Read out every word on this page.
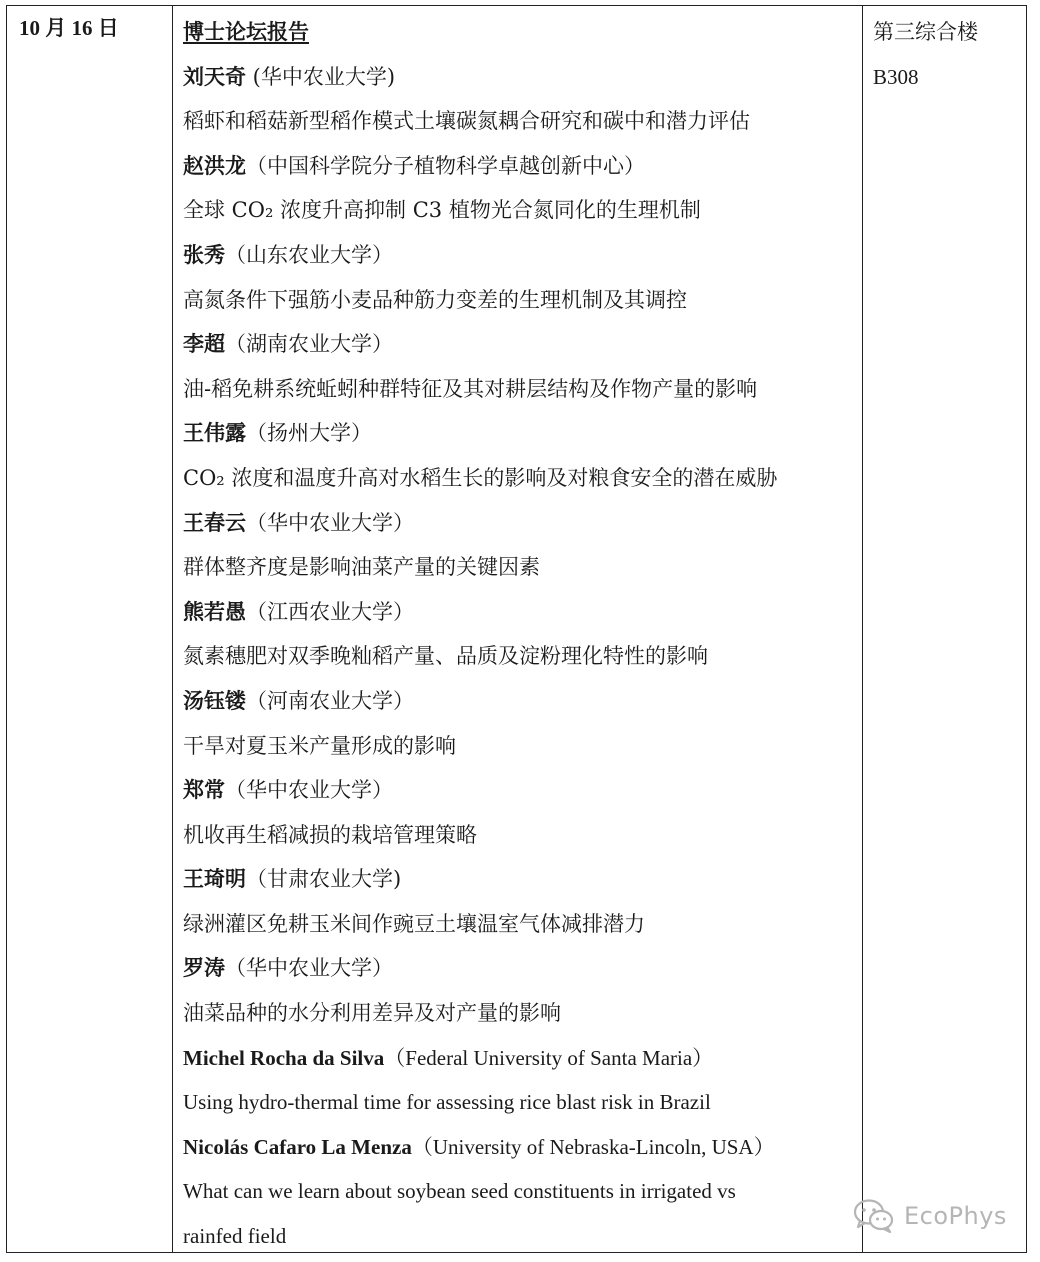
10 月 16 日	博士论坛报告
刘天奇 (华中农业大学)
稻虾和稻菇新型稻作模式土壤碳氮耦合研究和碳中和潜力评估
赵洪龙（中国科学院分子植物科学卓越创新中心）
全球 CO₂ 浓度升高抑制 C3 植物光合氮同化的生理机制
张秀（山东农业大学）
高氮条件下强筋小麦品种筋力变差的生理机制及其调控
李超（湖南农业大学）
油-稻免耕系统蚯蚓种群特征及其对耕层结构及作物产量的影响
王伟露（扬州大学）
CO₂ 浓度和温度升高对水稻生长的影响及对粮食安全的潜在威胁
王春云（华中农业大学）
群体整齐度是影响油菜产量的关键因素
熊若愚（江西农业大学）
氮素穗肥对双季晚籼稻产量、品质及淀粉理化特性的影响
汤钰镂（河南农业大学）
干旱对夏玉米产量形成的影响
郑常（华中农业大学）
机收再生稻减损的栽培管理策略
王琦明（甘肃农业大学)
绿洲灌区免耕玉米间作豌豆土壤温室气体减排潜力
罗涛（华中农业大学）
油菜品种的水分利用差异及对产量的影响
Michel Rocha da Silva（Federal University of Santa Maria）
Using hydro-thermal time for assessing rice blast risk in Brazil
Nicolás Cafaro La Menza（University of Nebraska-Lincoln, USA）
What can we learn about soybean seed constituents in irrigated vs
rainfed field
第三综合楼
B308
EcoPhys
